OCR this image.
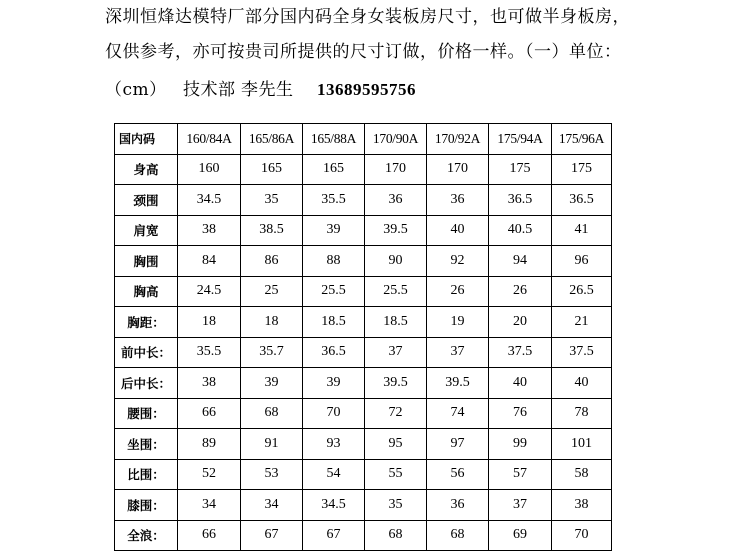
深圳恒烽达模特厂部分国内码全身女装板房尺寸，也可做半身板房，
仅供参考，亦可按贵司所提供的尺寸订做，价格一样。（一）单位：
（cm） 技术部 李先生 13689595756
国内码	160/84A	165/86A	165/88A	170/90A	170/92A	175/94A	175/96A
身高	160	165	165	170	170	175	175
颈围	34.5	35	35.5	36	36	36.5	36.5
肩宽	38	38.5	39	39.5	40	40.5	41
胸围	84	86	88	90	92	94	96
胸高	24.5	25	25.5	25.5	26	26	26.5
胸距：	18	18	18.5	18.5	19	20	21
前中长：	35.5	35.7	36.5	37	37	37.5	37.5
后中长：	38	39	39	39.5	39.5	40	40
腰围：	66	68	70	72	74	76	78
坐围：	89	91	93	95	97	99	101
比围：	52	53	54	55	56	57	58
膝围：	34	34	34.5	35	36	37	38
全浪：	66	67	67	68	68	69	70
